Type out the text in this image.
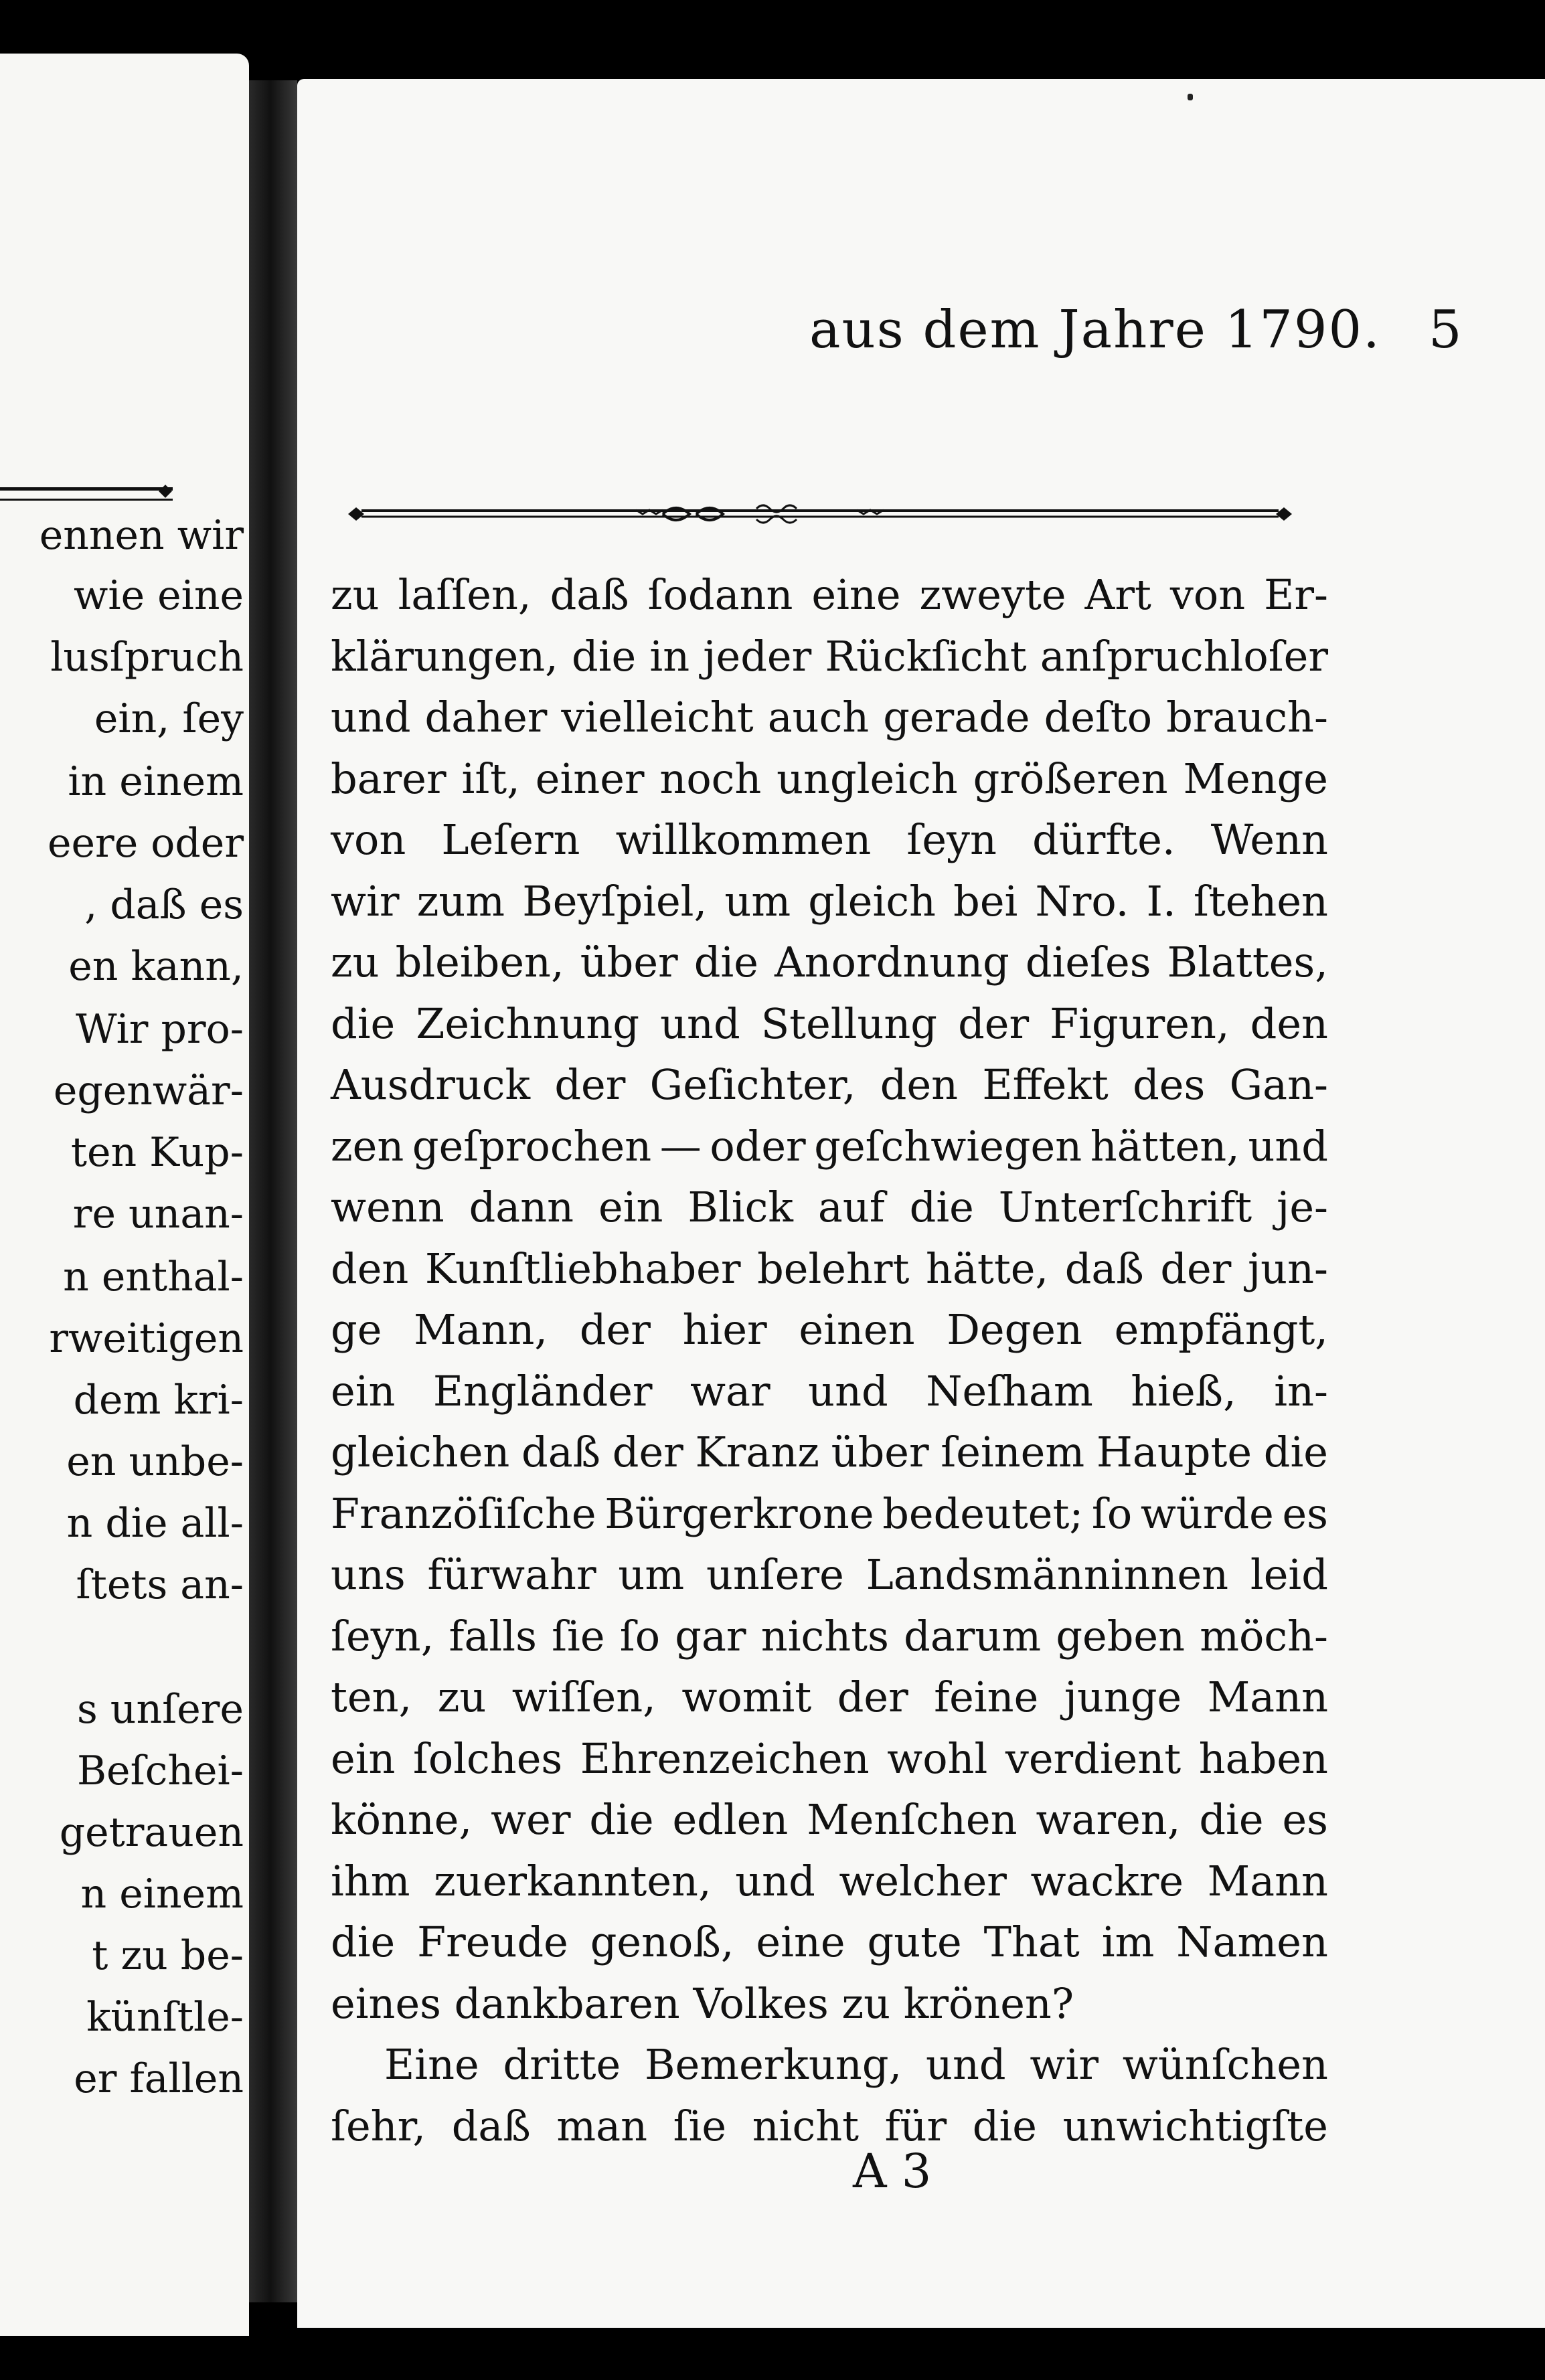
ennen wir
wie eine
lusſpruch
ein, ſey
in einem
eere oder
, daß es
en kann,
Wir pro-
egenwär-
ten Kup-
re unan-
n enthal-
rweitigen
dem kri-
en unbe-
n die all-
ſtets an-
s unſere
Beſchei-
getrauen
n einem
t zu be-
künſtle-
er fallen
aus dem Jahre 1790. 5
zu laſſen, daß ſodann eine zweyte Art von Er-
klärungen, die in jeder Rückſicht anſpruchloſer
und daher vielleicht auch gerade deſto brauch-
barer iſt, einer noch ungleich größeren Menge
von Leſern willkommen ſeyn dürfte. Wenn
wir zum Beyſpiel, um gleich bei Nro. I. ſtehen
zu bleiben, über die Anordnung dieſes Blattes,
die Zeichnung und Stellung der Figuren, den
Ausdruck der Geſichter, den Effekt des Gan-
zen geſprochen — oder geſchwiegen hätten, und
wenn dann ein Blick auf die Unterſchrift je-
den Kunſtliebhaber belehrt hätte, daß der jun-
ge Mann, der hier einen Degen empfängt,
ein Engländer war und Neſham hieß, in-
gleichen daß der Kranz über ſeinem Haupte die
Franzöſiſche Bürgerkrone bedeutet; ſo würde es
uns fürwahr um unſere Landsmänninnen leid
ſeyn, falls ſie ſo gar nichts darum geben möch-
ten, zu wiſſen, womit der feine junge Mann
ein ſolches Ehrenzeichen wohl verdient haben
könne, wer die edlen Menſchen waren, die es
ihm zuerkannten, und welcher wackre Mann
die Freude genoß, eine gute That im Namen
eines dankbaren Volkes zu krönen?
Eine dritte Bemerkung, und wir wünſchen
ſehr, daß man ſie nicht für die unwichtigſte
A 3
